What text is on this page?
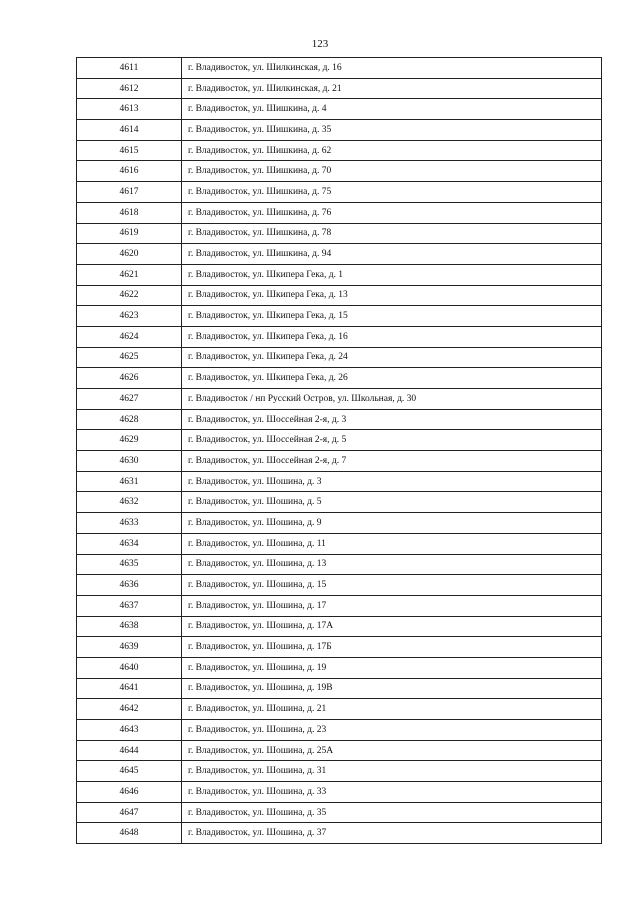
123
4611	г. Владивосток, ул. Шилкинская, д. 16
4612	г. Владивосток, ул. Шилкинская, д. 21
4613	г. Владивосток, ул. Шишкина, д. 4
4614	г. Владивосток, ул. Шишкина, д. 35
4615	г. Владивосток, ул. Шишкина, д. 62
4616	г. Владивосток, ул. Шишкина, д. 70
4617	г. Владивосток, ул. Шишкина, д. 75
4618	г. Владивосток, ул. Шишкина, д. 76
4619	г. Владивосток, ул. Шишкина, д. 78
4620	г. Владивосток, ул. Шишкина, д. 94
4621	г. Владивосток, ул. Шкипера Гека, д. 1
4622	г. Владивосток, ул. Шкипера Гека, д. 13
4623	г. Владивосток, ул. Шкипера Гека, д. 15
4624	г. Владивосток, ул. Шкипера Гека, д. 16
4625	г. Владивосток, ул. Шкипера Гека, д. 24
4626	г. Владивосток, ул. Шкипера Гека, д. 26
4627	г. Владивосток / нп Русский Остров, ул. Школьная, д. 30
4628	г. Владивосток, ул. Шоссейная 2-я, д. 3
4629	г. Владивосток, ул. Шоссейная 2-я, д. 5
4630	г. Владивосток, ул. Шоссейная 2-я, д. 7
4631	г. Владивосток, ул. Шошина, д. 3
4632	г. Владивосток, ул. Шошина, д. 5
4633	г. Владивосток, ул. Шошина, д. 9
4634	г. Владивосток, ул. Шошина, д. 11
4635	г. Владивосток, ул. Шошина, д. 13
4636	г. Владивосток, ул. Шошина, д. 15
4637	г. Владивосток, ул. Шошина, д. 17
4638	г. Владивосток, ул. Шошина, д. 17А
4639	г. Владивосток, ул. Шошина, д. 17Б
4640	г. Владивосток, ул. Шошина, д. 19
4641	г. Владивосток, ул. Шошина, д. 19В
4642	г. Владивосток, ул. Шошина, д. 21
4643	г. Владивосток, ул. Шошина, д. 23
4644	г. Владивосток, ул. Шошина, д. 25А
4645	г. Владивосток, ул. Шошина, д. 31
4646	г. Владивосток, ул. Шошина, д. 33
4647	г. Владивосток, ул. Шошина, д. 35
4648	г. Владивосток, ул. Шошина, д. 37
